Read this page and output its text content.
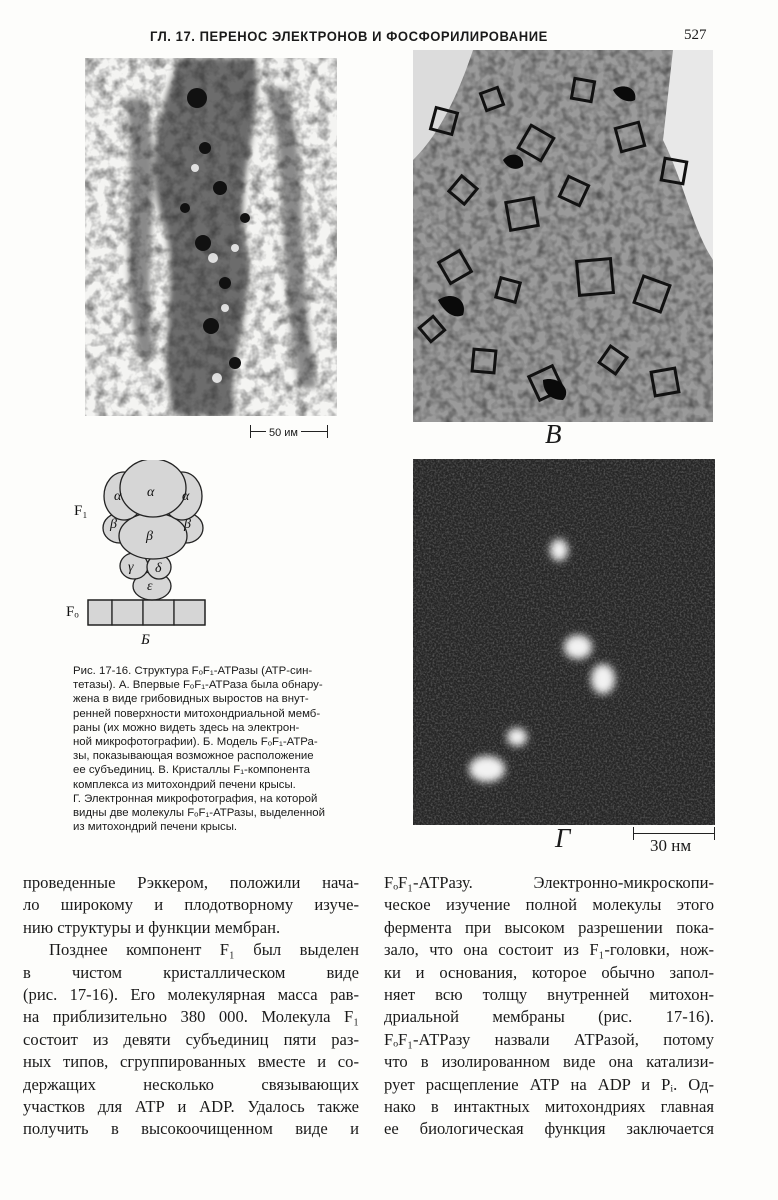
ГЛ. 17. ПЕРЕНОС ЭЛЕКТРОНОВ И ФОСФОРИЛИРОВАНИЕ	527
50 им
α
α	α
β
β	β
γ δ
ε
F₁
Fₒ
Б
В
Г	30 нм
Рис. 17-16. Структура FₒF₁-АТРазы (АТР-син-
тетазы). А. Впервые FₒF₁-АТРаза была обнару-
жена в виде грибовидных выростов на внут-
ренней поверхности митохондриальной мемб-
раны (их можно видеть здесь на электрон-
ной микрофотографии). Б. Модель FₒF₁-АТРа-
зы, показывающая возможное расположение
ее субъединиц. В. Кристаллы F₁-компонента
комплекса из митохондрий печени крысы.
Г. Электронная микрофотография, на которой
видны две молекулы FₒF₁-АТРазы, выделенной
из митохондрий печени крысы.
проведенные Рэккером, положили нача-
ло широкому и плодотворному изуче-
нию структуры и функции мембран.
Позднее компонент F₁ был выделен
в чистом кристаллическом виде
(рис. 17-16). Его молекулярная масса рав-
на приблизительно 380 000. Молекула F₁
состоит из девяти субъединиц пяти раз-
ных типов, сгруппированных вместе и со-
держащих несколько связывающих
участков для АТР и ADP. Удалось также
получить в высокоочищенном виде и
FₒF₁-АТРазу. Электронно-микроскопи-
ческое изучение полной молекулы этого
фермента при высоком разрешении пока-
зало, что она состоит из F₁-головки, нож-
ки и основания, которое обычно запол-
няет всю толщу внутренней митохон-
дриальной мембраны (рис. 17-16).
FₒF₁-АТРазу назвали АТРазой, потому
что в изолированном виде она катализи-
рует расщепление АТР на ADP и Pᵢ. Од-
нако в интактных митохондриях главная
ее биологическая функция заключается
